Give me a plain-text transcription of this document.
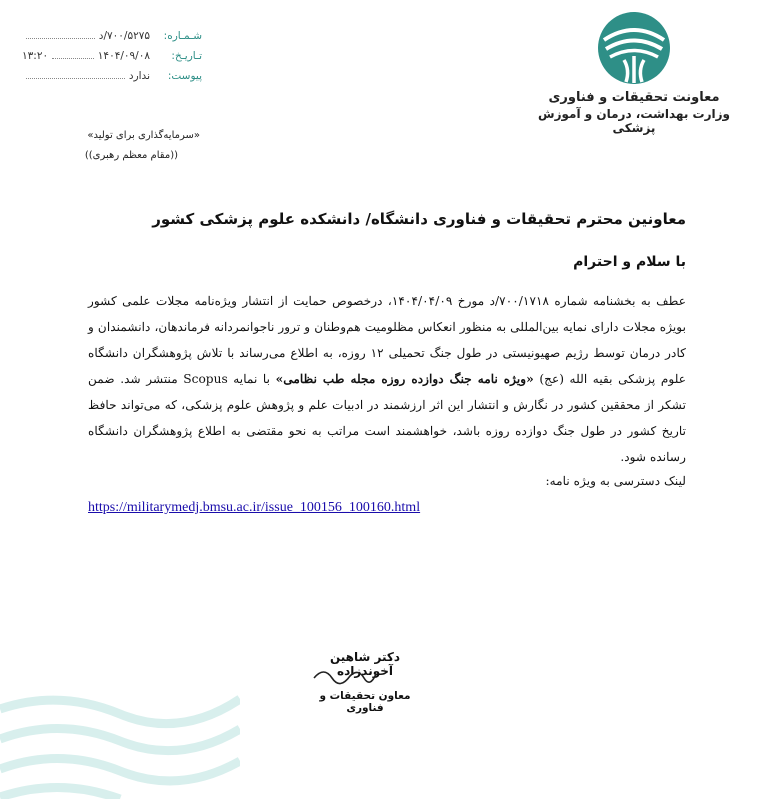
معاونت تحقیقات و فناوری
وزارت بهداشت، درمان و آموزش پزشکی
شـمـاره:
۷۰۰/۵۲۷۵/د
تـاریـخ:
۱۴۰۴/۰۹/۰۸
۱۳:۲۰
پیوست:
ندارد
«سرمایه‌گذاری برای تولید»
((مقام معظم رهبری))
معاونین محترم تحقیقات و فناوری دانشگاه/ دانشکده علوم پزشکی کشور
با سلام و احترام
عطف به بخشنامه شماره ۷۰۰/۱۷۱۸/د مورخ ۱۴۰۴/۰۴/۰۹، درخصوص حمایت از انتشار ویژه‌نامه مجلات علمی کشور بویژه مجلات دارای نمایه بین‌المللی به منظور انعکاس مظلومیت هم‌وطنان و ترور ناجوانمردانه فرماندهان، دانشمندان و کادر درمان توسط رژیم صهیونیستی در طول جنگ تحمیلی ۱۲ روزه، به اطلاع می‌رساند با تلاش پژوهشگران دانشگاه علوم پزشکی بقیه الله (عج) «ویژه نامه جنگ دوازده روزه مجله طب نظامی» با نمایه Scopus منتشر شد. ضمن تشکر از محققین کشور در نگارش و انتشار این اثر ارزشمند در ادبیات علم و پژوهش علوم پزشکی، که می‌تواند حافظ تاریخ کشور در طول جنگ دوازده روزه باشد، خواهشمند است مراتب به نحو مقتضی به اطلاع پژوهشگران دانشگاه رسانده شود.
لینک دسترسی به ویژه نامه:
https://militarymedj.bmsu.ac.ir/issue_100156_100160.html
دکتر شاهین آخوندزاده
معاون تحقیقات و فناوری
